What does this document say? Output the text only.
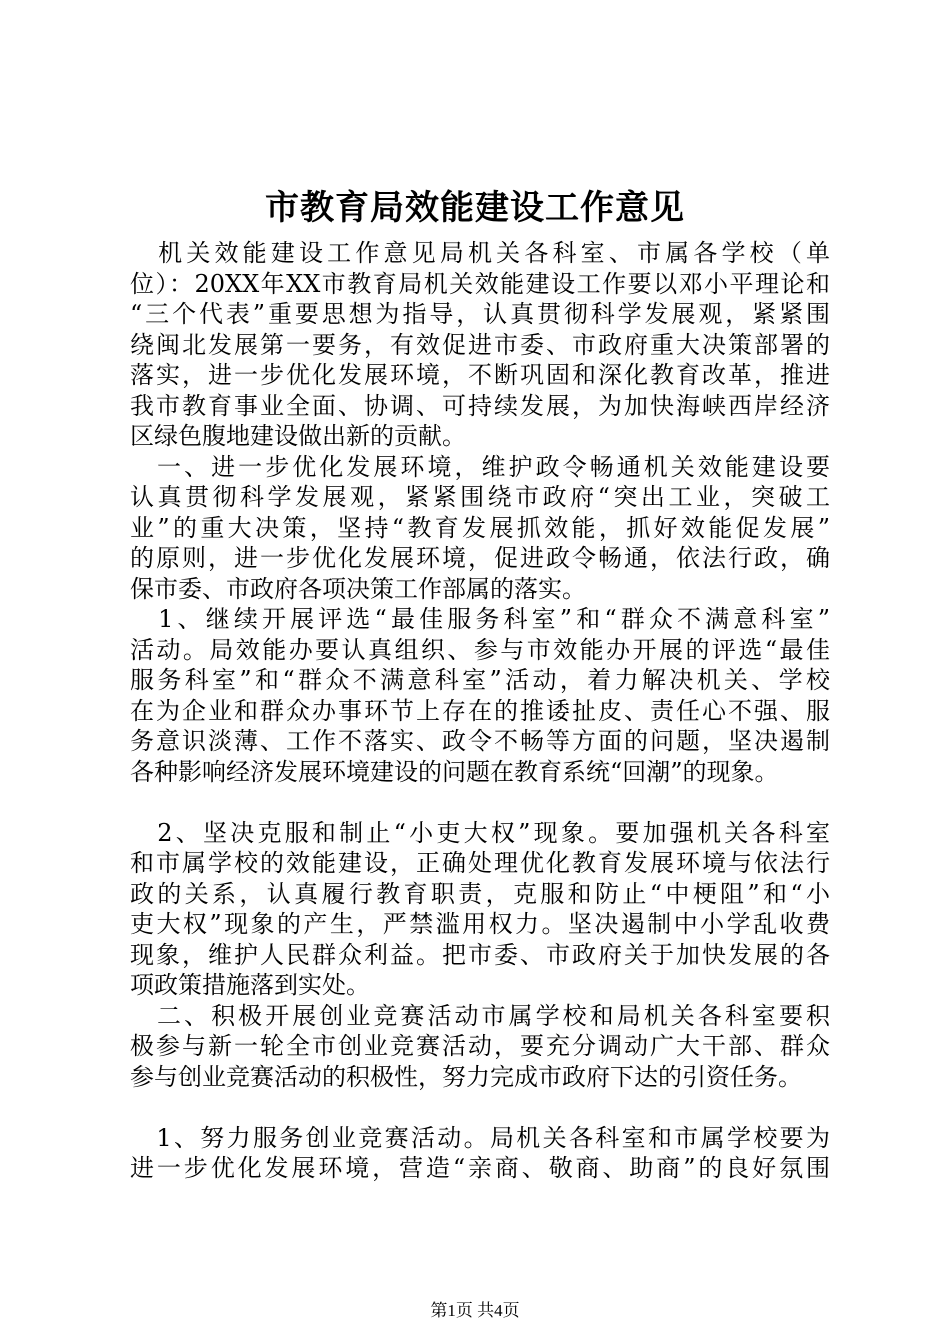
市教育局效能建设工作意见
　机关效能建设工作意见局机关各科室、市属各学校（单
位）：20XX年XX市教育局机关效能建设工作要以邓小平理论和
“三个代表”重要思想为指导，认真贯彻科学发展观，紧紧围
绕闽北发展第一要务，有效促进市委、市政府重大决策部署的
落实，进一步优化发展环境，不断巩固和深化教育改革，推进
我市教育事业全面、协调、可持续发展，为加快海峡西岸经济
区绿色腹地建设做出新的贡献。
　一、进一步优化发展环境，维护政令畅通机关效能建设要
认真贯彻科学发展观，紧紧围绕市政府“突出工业，突破工
业”的重大决策，坚持“教育发展抓效能，抓好效能促发展”
的原则，进一步优化发展环境，促进政令畅通，依法行政，确
保市委、市政府各项决策工作部属的落实。
　1、继续开展评选“最佳服务科室”和“群众不满意科室”
活动。局效能办要认真组织、参与市效能办开展的评选“最佳
服务科室”和“群众不满意科室”活动，着力解决机关、学校
在为企业和群众办事环节上存在的推诿扯皮、责任心不强、服
务意识淡薄、工作不落实、政令不畅等方面的问题，坚决遏制
各种影响经济发展环境建设的问题在教育系统“回潮”的现象。
　2、坚决克服和制止“小吏大权”现象。要加强机关各科室
和市属学校的效能建设，正确处理优化教育发展环境与依法行
政的关系，认真履行教育职责，克服和防止“中梗阻”和“小
吏大权”现象的产生，严禁滥用权力。坚决遏制中小学乱收费
现象，维护人民群众利益。把市委、市政府关于加快发展的各
项政策措施落到实处。
　二、积极开展创业竞赛活动市属学校和局机关各科室要积
极参与新一轮全市创业竞赛活动，要充分调动广大干部、群众
参与创业竞赛活动的积极性，努力完成市政府下达的引资任务。
　1、努力服务创业竞赛活动。局机关各科室和市属学校要为
进一步优化发展环境，营造“亲商、敬商、助商”的良好氛围
第1页 共4页
